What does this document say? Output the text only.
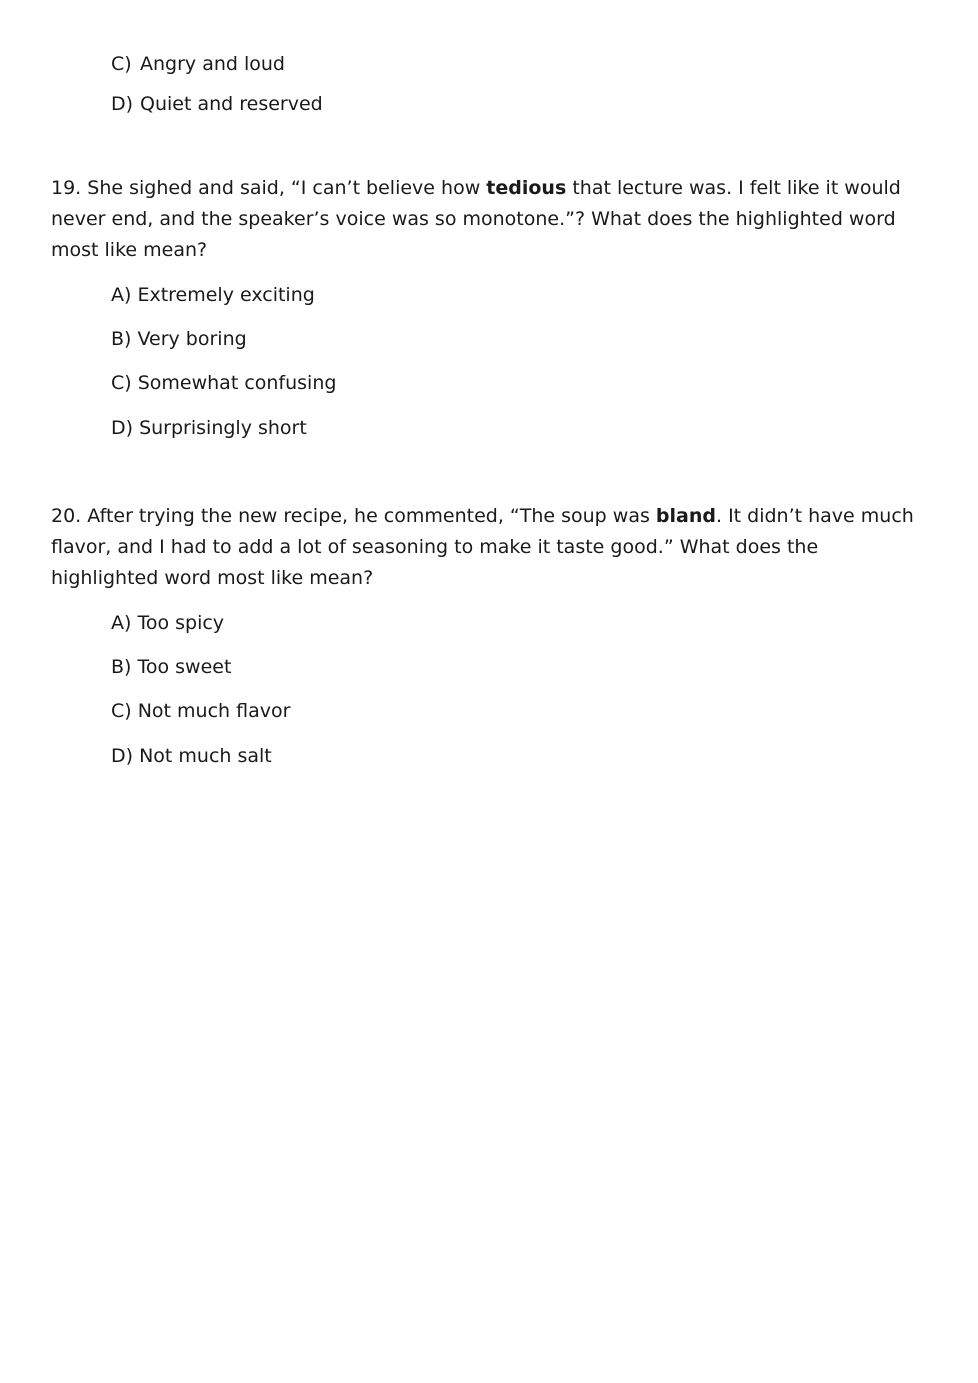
C) Angry and loud
D) Quiet and reserved

19. She sighed and said, “I can’t believe how tedious that lecture was. I felt like it would never end, and the speaker’s voice was so monotone.”? What does the highlighted word most like mean?

A) Extremely exciting
B) Very boring
C) Somewhat confusing
D) Surprisingly short

20. After trying the new recipe, he commented, “The soup was bland. It didn’t have much flavor, and I had to add a lot of seasoning to make it taste good.” What does the highlighted word most like mean?

A) Too spicy
B) Too sweet
C) Not much flavor
D) Not much salt
